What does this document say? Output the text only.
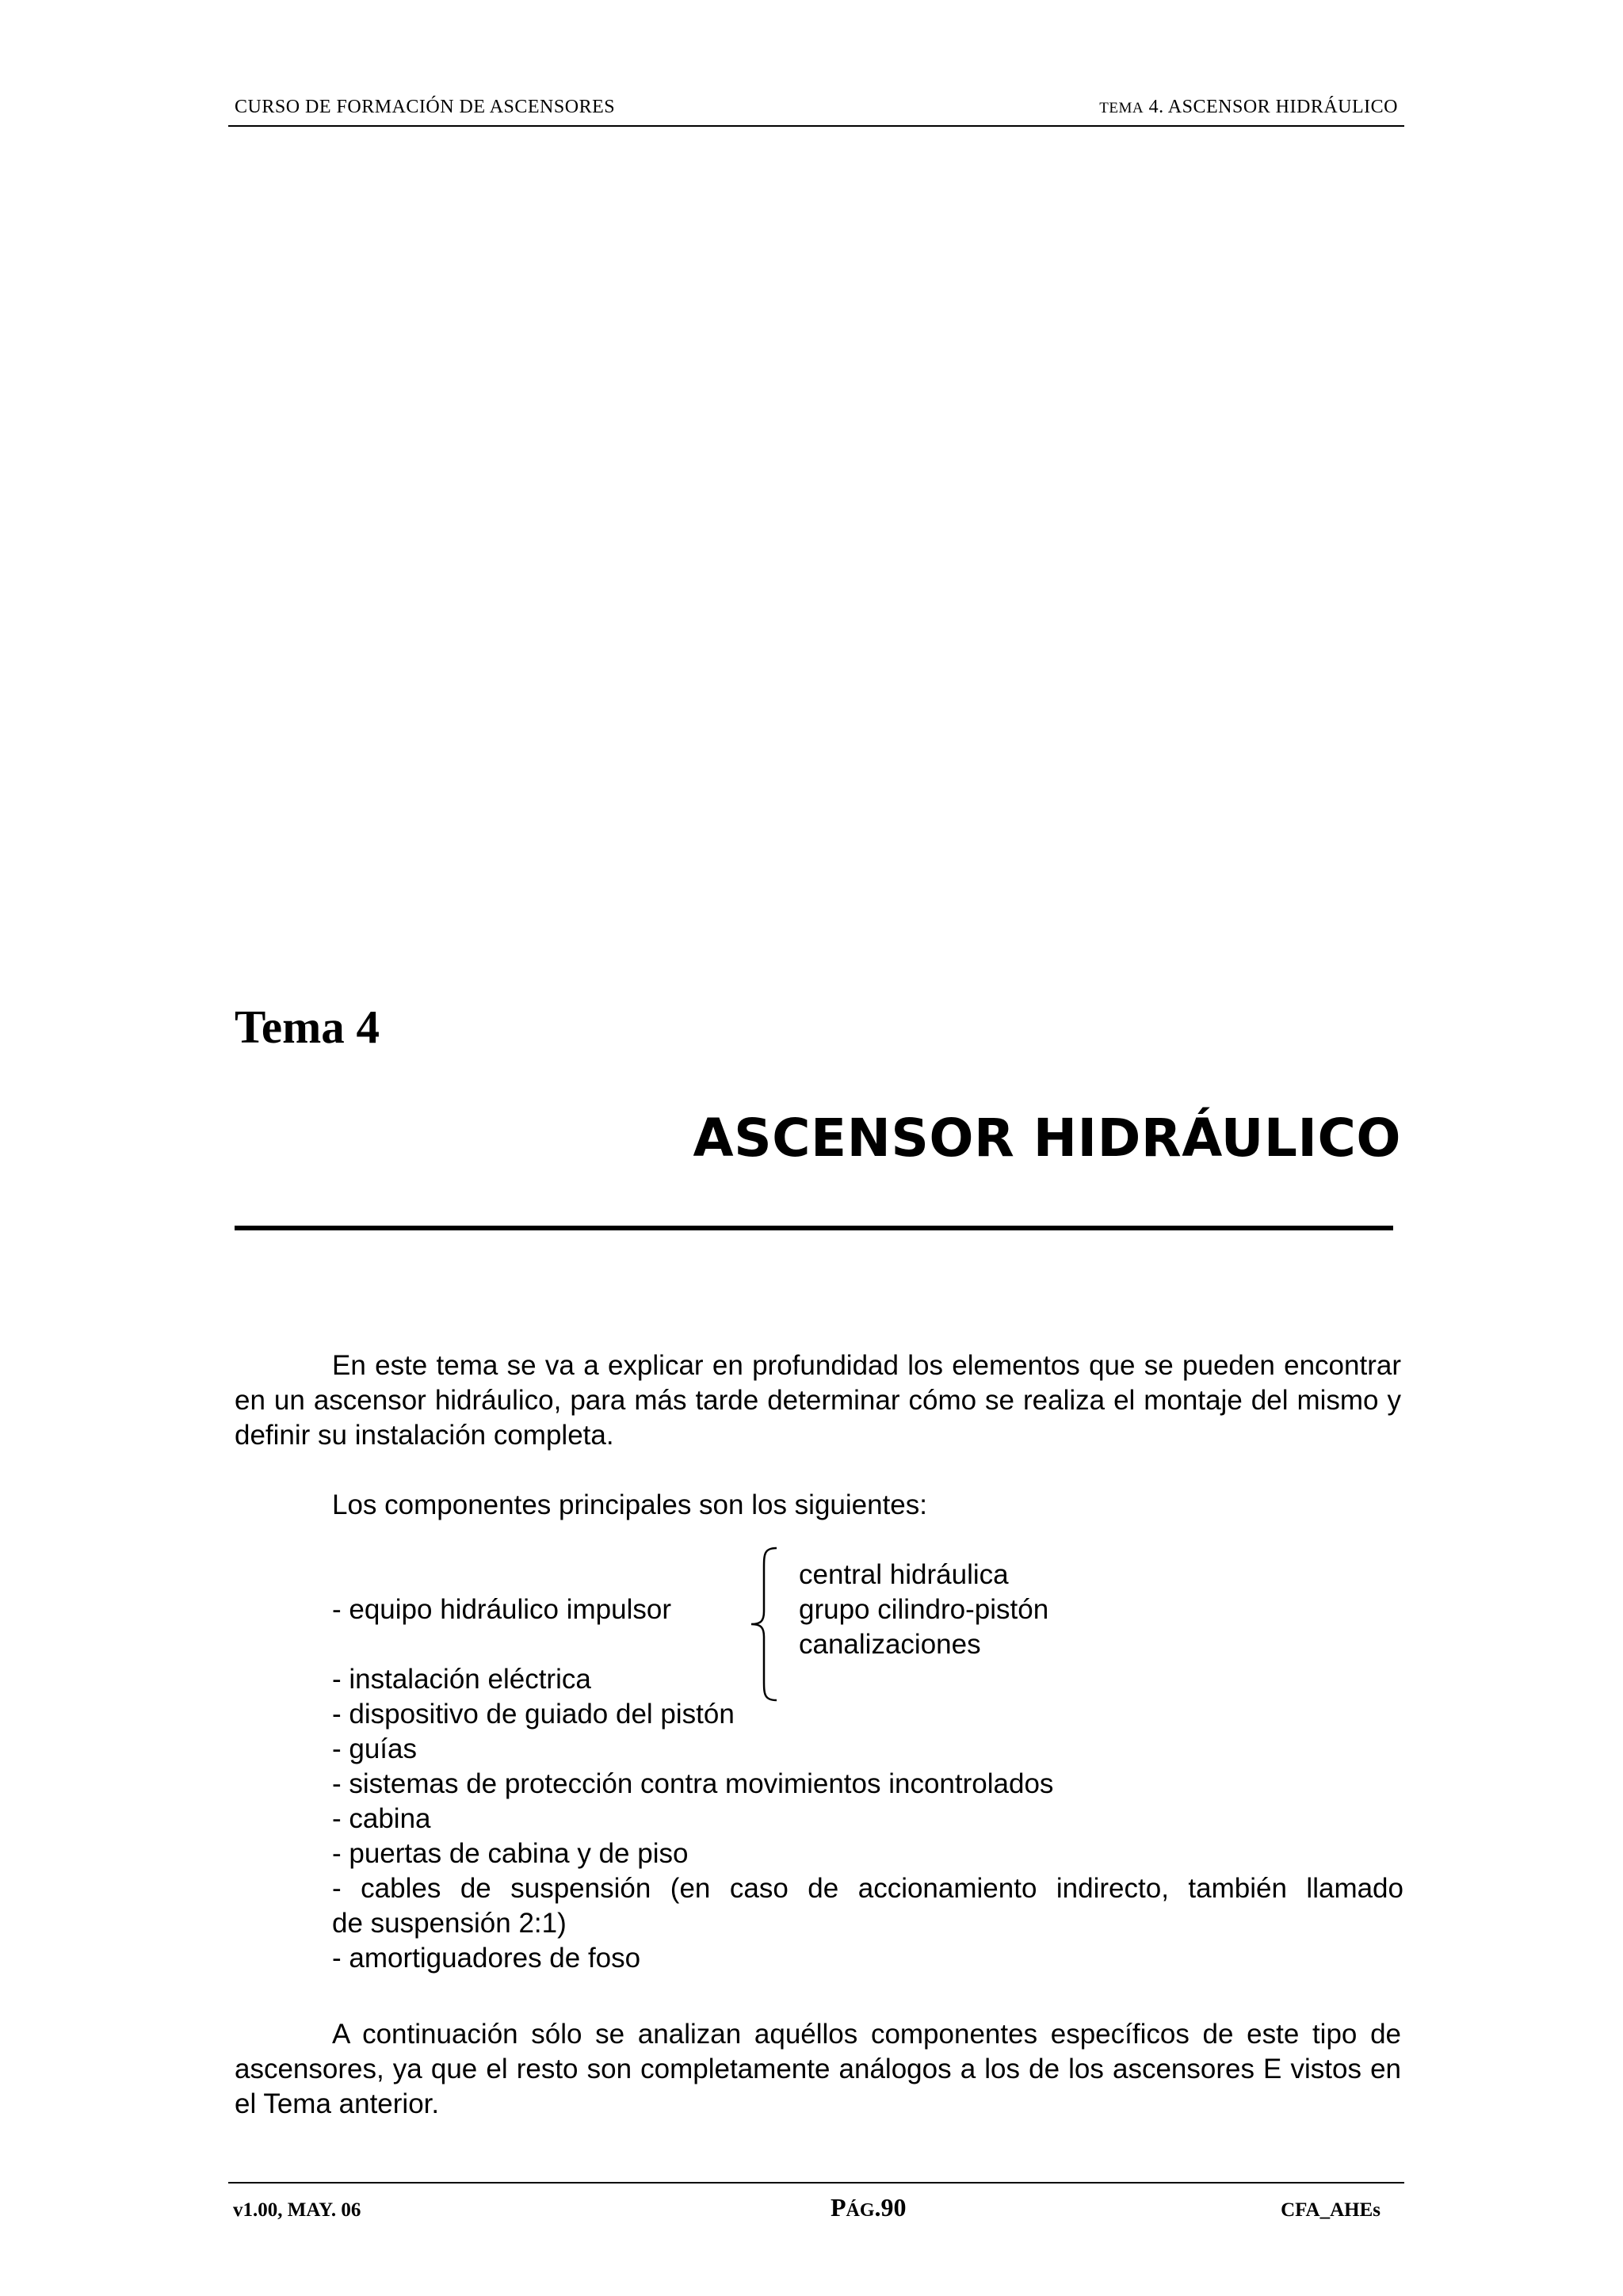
CURSO DE FORMACIÓN DE ASCENSORES	TEMA 4. ASCENSOR HIDRÁULICO
Tema 4
ASCENSOR HIDRÁULICO

En este tema se va a explicar en profundidad los elementos que se pueden encontrar en un ascensor hidráulico, para más tarde determinar cómo se realiza el montaje del mismo y definir su instalación completa.

Los componentes principales son los siguientes:
- equipo hidráulico impulsor
- instalación eléctrica
- dispositivo de guiado del pistón
- guías
- sistemas de protección contra movimientos incontrolados
- cabina
- puertas de cabina y de piso
- cables de suspensión (en caso de accionamiento indirecto, también llamado
de suspensión 2:1)
- amortiguadores de foso
central hidráulica
grupo cilindro-pistón
canalizaciones

A continuación sólo se analizan aquéllos componentes específicos de este tipo de ascensores, ya que el resto son completamente análogos a los de los ascensores E vistos en el Tema anterior.

v1.00, MAY. 06	PÁG.90	CFA_AHEs
